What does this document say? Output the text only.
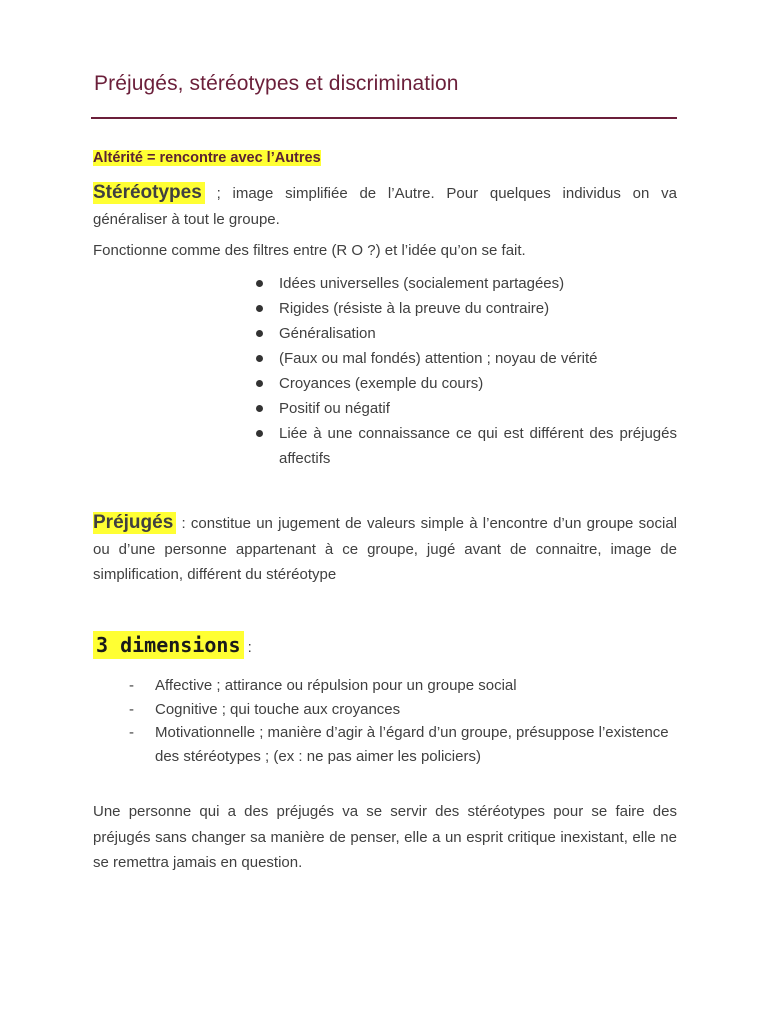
Préjugés, stéréotypes et discrimination
Altérité = rencontre avec l’Autres
Stéréotypes ; image simplifiée de l’Autre. Pour quelques individus on va généraliser à tout le groupe.
Fonctionne comme des filtres entre (R O ?) et l’idée qu’on se fait.
Idées universelles (socialement partagées)
Rigides (résiste à la preuve du contraire)
Généralisation
(Faux ou mal fondés) attention ; noyau de vérité
Croyances (exemple du cours)
Positif ou négatif
Liée à une connaissance ce qui est différent des préjugés affectifs
Préjugés : constitue un jugement de valeurs simple à l’encontre d’un groupe social ou d’une personne appartenant à ce groupe, jugé avant de connaitre, image de simplification, différent du stéréotype
3 dimensions :
- Affective ; attirance ou répulsion pour un groupe social
- Cognitive ; qui touche aux croyances
- Motivationnelle ; manière d’agir à l’égard d’un groupe, présuppose l’existence des stéréotypes ; (ex : ne pas aimer les policiers)
Une personne qui a des préjugés va se servir des stéréotypes pour se faire des préjugés sans changer sa manière de penser, elle a un esprit critique inexistant, elle ne se remettra jamais en question.
